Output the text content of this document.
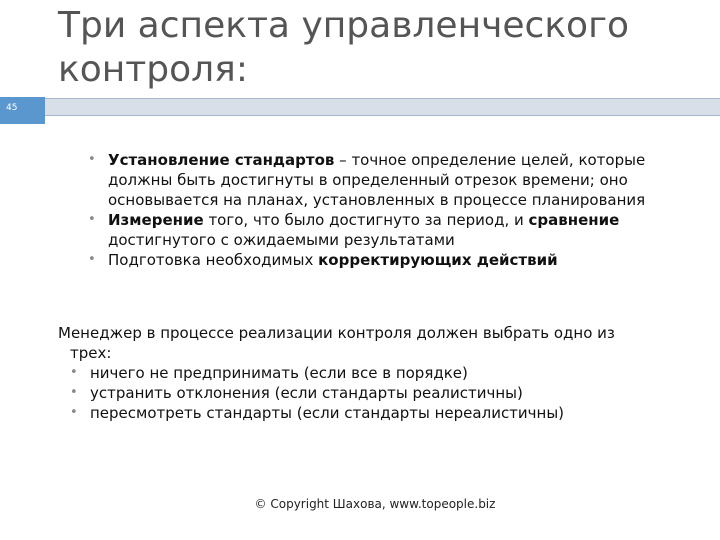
45
Три аспекта управленческого
контроля:
• Установление стандартов – точное определение целей, которые должны быть достигнуты в определенный отрезок времени; оно основывается на планах, установленных в процессе планирования
• Измерение того, что было достигнуто за период, и сравнение достигнутого с ожидаемыми результатами
• Подготовка необходимых корректирующих действий
Менеджер в процессе реализации контроля должен выбрать одно из
трех:
• ничего не предпринимать (если все в порядке)
• устранить отклонения (если стандарты реалистичны)
• пересмотреть стандарты (если стандарты нереалистичны)
© Copyright Шахова, www.topeople.biz
